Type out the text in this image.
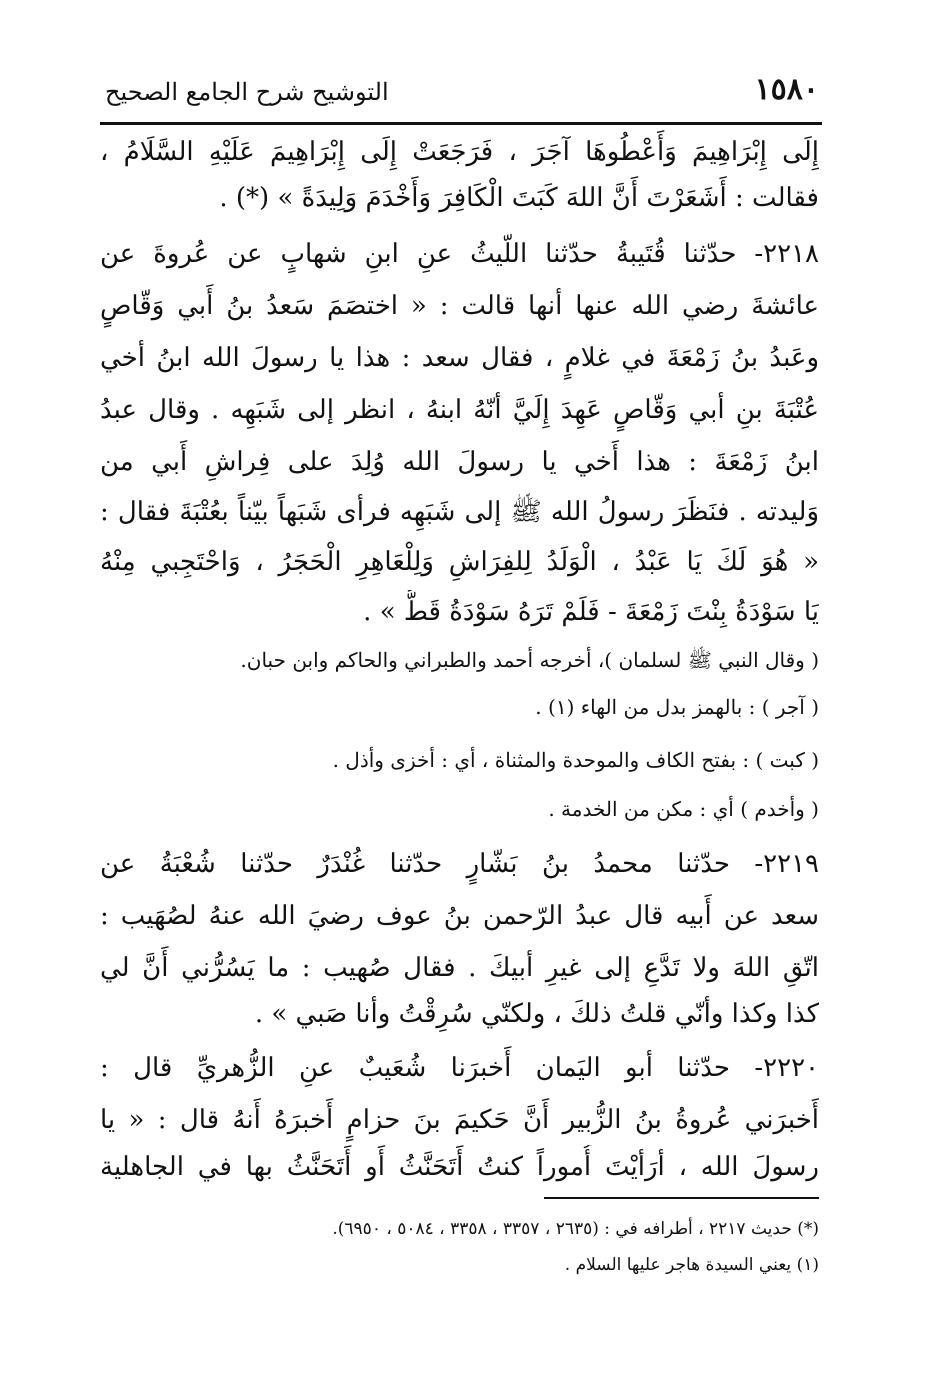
١٥٨٠
التوشيح شرح الجامع الصحيح
إِلَى إِبْرَاهِيمَ وَأَعْطُوهَا آجَرَ ، فَرَجَعَتْ إِلَى إِبْرَاهِيمَ عَلَيْهِ السَّلَامُ ،
فقالت : أَشَعَرْتَ أَنَّ اللهَ كَبَتَ الْكَافِرَ وَأَخْدَمَ وَلِيدَةً » (*) .
٢٢١٨- حدّثنا قُتَيبةُ حدّثنا اللّيثُ عنِ ابنِ شهابٍ عن عُروةَ عن
عائشةَ رضي الله عنها أنها قالت : « اختصَمَ سَعدُ بنُ أَبي وَقّاصٍ
وعَبدُ بنُ زَمْعَةَ في غلامٍ ، فقال سعد : هذا يا رسولَ الله ابنُ أخي
عُتْبَةَ بنِ أبي وَقّاصٍ عَهِدَ إِلَيَّ أنّهُ ابنهُ ، انظر إلى شَبَهِه . وقال عبدُ
ابنُ زَمْعَةَ : هذا أَخي يا رسولَ الله وُلِدَ على فِراشِ أَبي من
وَليدته . فنَظَرَ رسولُ الله ﷺ إلى شَبَهِه فرأى شَبَهاً بيّناً بعُتْبَةَ فقال :
« هُوَ لَكَ يَا عَبْدُ ، الْوَلَدُ لِلفِرَاشِ وَلِلْعَاهِرِ الْحَجَرُ ، وَاحْتَجِبي مِنْهُ
يَا سَوْدَةُ بِنْتَ زَمْعَةَ - فَلَمْ تَرَهُ سَوْدَةُ قَطُّ » .
( وقال النبي ﷺ لسلمان )، أخرجه أحمد والطبراني والحاكم وابن حبان.
( آجر ) : بالهمز بدل من الهاء (١) .
( كبت ) : بفتح الكاف والموحدة والمثناة ، أي : أخزى وأذل .
( وأخدم ) أي : مكن من الخدمة .
٢٢١٩- حدّثنا محمدُ بنُ بَشّارٍ حدّثنا غُنْدَرٌ حدّثنا شُعْبَةُ عن
سعد عن أَبيه قال عبدُ الرّحمن بنُ عوف رضيَ الله عنهُ لصُهَيب :
اتّقِ اللهَ ولا تَدَّعِ إلى غيرِ أبيكَ . فقال صُهيب : ما يَسُرُّني أَنَّ لي
كذا وكذا وأنّي قلتُ ذلكَ ، ولكنّي سُرِقْتُ وأنا صَبي » .
٢٢٢٠- حدّثنا أبو اليَمان أَخبرَنا شُعَيبٌ عنِ الزُّهريِّ قال :
أَخبرَني عُروةُ بنُ الزُّبير أَنَّ حَكيمَ بنَ حزامٍ أَخبرَهُ أَنهُ قال : « يا
رسولَ الله ، أرَأيْتَ أُموراً كنتُ أَتَحَنَّثُ أَو أَتَحَنَّثُ بها في الجاهلية
(*) حديث ٢٢١٧ ، أطرافه في : (٢٦٣٥ ، ٣٣٥٧ ، ٣٣٥٨ ، ٥٠٨٤ ، ٦٩٥٠).
(١) يعني السيدة هاجر عليها السلام .
